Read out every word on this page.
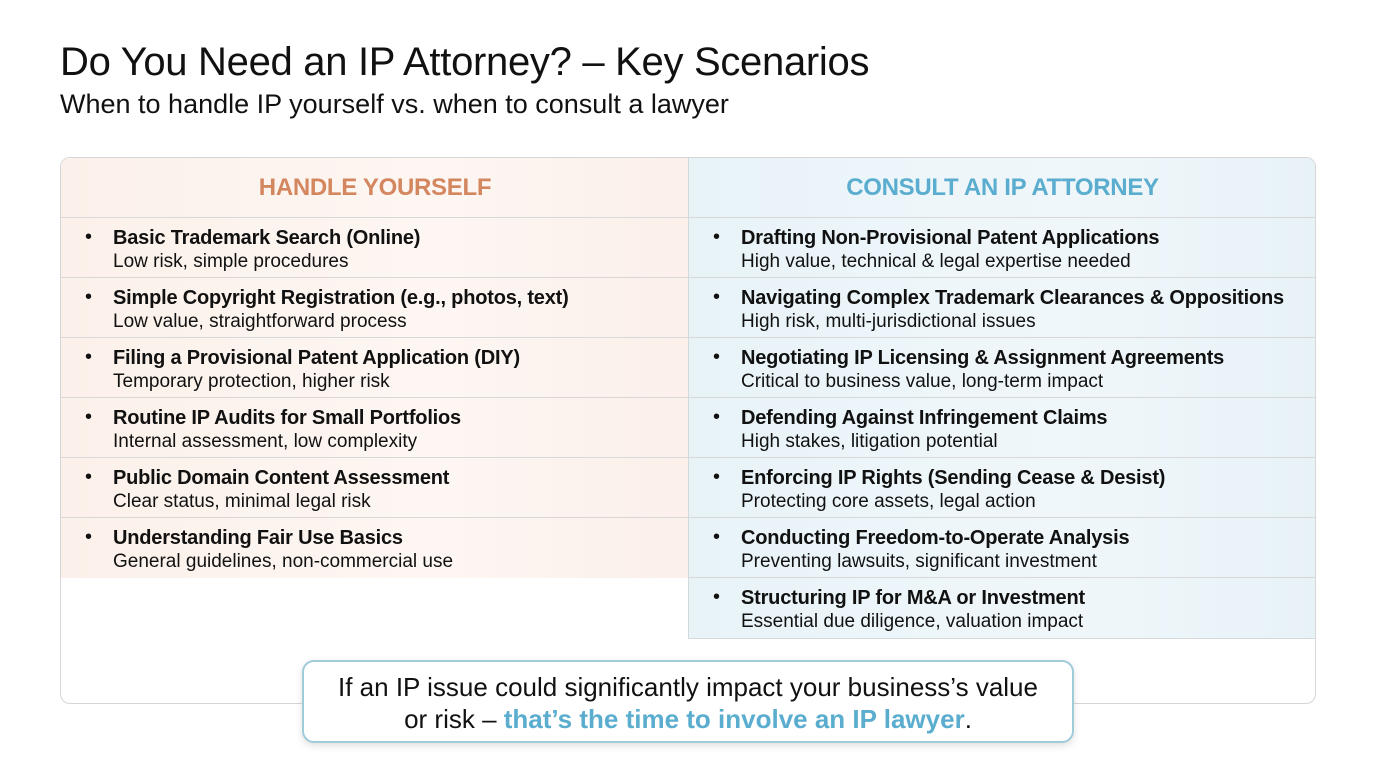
Do You Need an IP Attorney? – Key Scenarios
When to handle IP yourself vs. when to consult a lawyer
HANDLE YOURSELF
• Basic Trademark Search (Online)
Low risk, simple procedures
• Simple Copyright Registration (e.g., photos, text)
Low value, straightforward process
• Filing a Provisional Patent Application (DIY)
Temporary protection, higher risk
• Routine IP Audits for Small Portfolios
Internal assessment, low complexity
• Public Domain Content Assessment
Clear status, minimal legal risk
• Understanding Fair Use Basics
General guidelines, non-commercial use
CONSULT AN IP ATTORNEY
• Drafting Non-Provisional Patent Applications
High value, technical & legal expertise needed
• Navigating Complex Trademark Clearances & Oppositions
High risk, multi-jurisdictional issues
• Negotiating IP Licensing & Assignment Agreements
Critical to business value, long-term impact
• Defending Against Infringement Claims
High stakes, litigation potential
• Enforcing IP Rights (Sending Cease & Desist)
Protecting core assets, legal action
• Conducting Freedom-to-Operate Analysis
Preventing lawsuits, significant investment
• Structuring IP for M&A or Investment
Essential due diligence, valuation impact
If an IP issue could significantly impact your business’s value
or risk – that’s the time to involve an IP lawyer.
